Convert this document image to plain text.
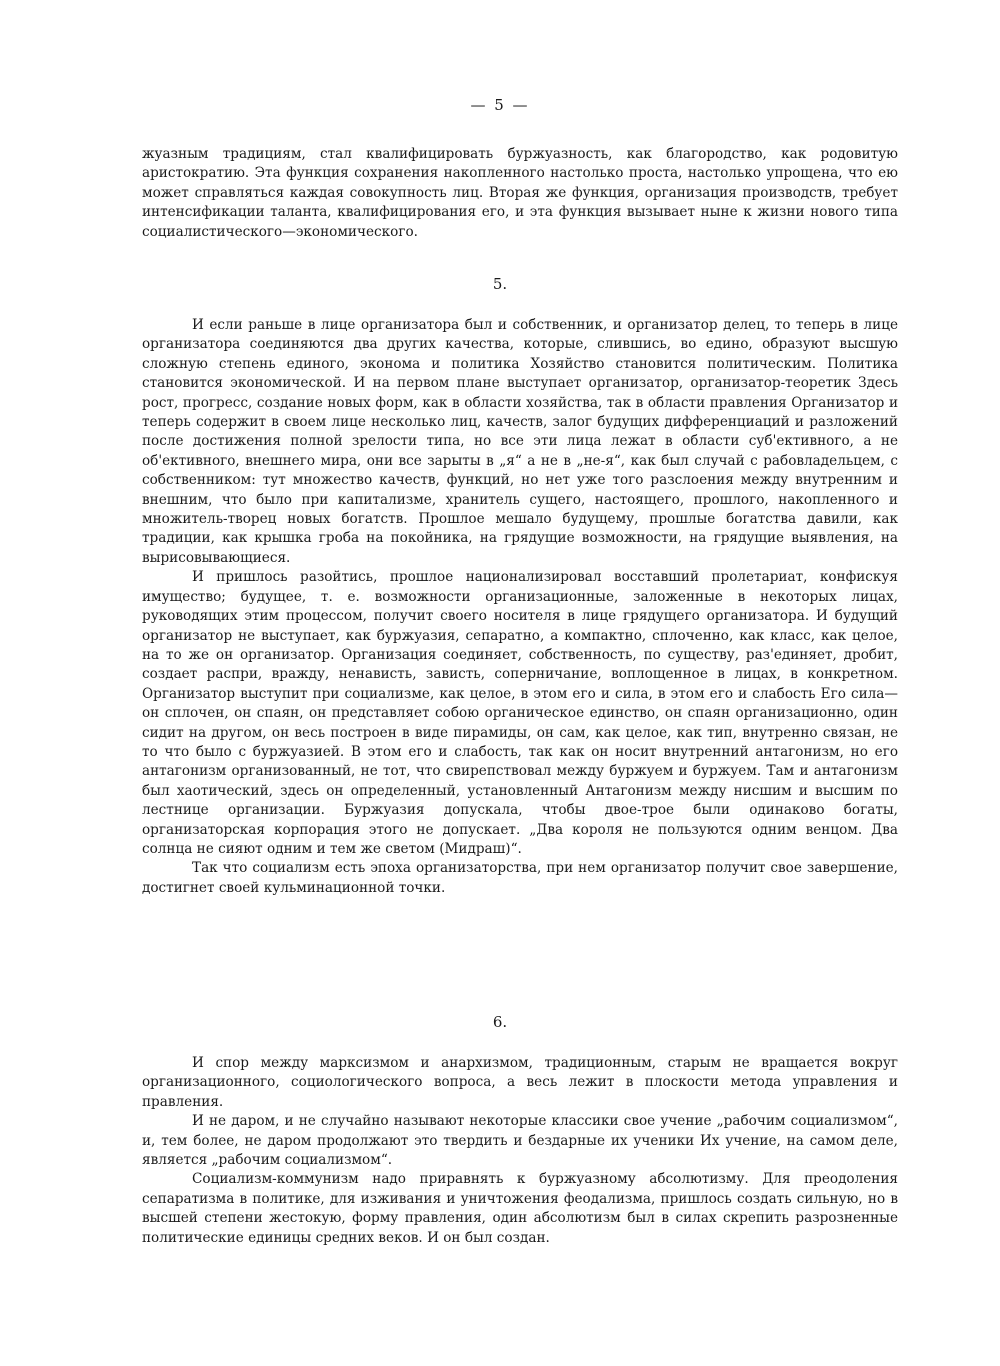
— 5 —

жуазным традициям, стал квалифицировать буржуазность, как благородство, как родовитую аристократию. Эта функция сохранения накопленного настолько проста, настолько упрощена, что ею может справляться каждая совокупность лиц. Вторая же функция, организация производств, требует интенсификации таланта, квалифицирования его, и эта функция вызывает ныне к жизни нового типа социалистического—экономического.

5.

И если раньше в лице организатора был и собственник, и организатор делец, то теперь в лице организатора соединяются два других качества, которые, слившись, во едино, образуют высшую сложную степень единого, эконома и политика Хозяйство становится политическим. Политика становится экономической. И на первом плане выступает организатор, организатор-теоретик Здесь рост, прогресс, создание новых форм, как в области хозяйства, так в области правления Организатор и теперь содержит в своем лице несколько лиц, качеств, залог будущих дифференциаций и разложений после достижения полной зрелости типа, но все эти лица лежат в области суб'ективного, а не об'ективного, внешнего мира, они все зарыты в „я“ а не в „не-я“, как был случай с рабовладельцем, с собственником: тут множество качеств, функций, но нет уже того разслоения между внутренним и внешним, что было при капитализме, хранитель сущего, настоящего, прошлого, накопленного и множитель-творец новых богатств. Прошлое мешало будущему, прошлые богатства давили, как традиции, как крышка гроба на покойника, на грядущие возможности, на грядущие выявления, на вырисовывающиеся.

И пришлось разойтись, прошлое национализировал восставший пролетариат, конфискуя имущество; будущее, т. е. возможности организационные, заложенные в некоторых лицах, руководящих этим процессом, получит своего носителя в лице грядущего организатора. И будущий организатор не выступает, как буржуазия, сепаратно, а компактно, сплоченно, как класс, как целое, на то же он организатор. Организация соединяет, собственность, по существу, раз'единяет, дробит, создает распри, вражду, ненависть, зависть, соперничание, воплощенное в лицах, в конкретном. Организатор выступит при социализме, как целое, в этом его и сила, в этом его и слабость Его сила—он сплочен, он спаян, он представляет собою органическое единство, он спаян организационно, один сидит на другом, он весь построен в виде пирамиды, он сам, как целое, как тип, внутренно связан, не то что было с буржуазией. В этом его и слабость, так как он носит внутренний антагонизм, но его антагонизм организованный, не тот, что свирепствовал между буржуем и буржуем. Там и антагонизм был хаотический, здесь он определенный, установленный Антагонизм между нисшим и высшим по лестнице организации. Буржуазия допускала, чтобы двое-трое были одинаково богаты, организаторская корпорация этого не допускает. „Два короля не пользуются одним венцом. Два солнца не сияют одним и тем же светом (Мидраш)“.

Так что социализм есть эпоха организаторства, при нем организатор получит свое завершение, достигнет своей кульминационной точки.

6.

И спор между марксизмом и анархизмом, традиционным, старым не вращается вокруг организационного, социологического вопроса, а весь лежит в плоскости метода управления и правления.

И не даром, и не случайно называют некоторые классики свое учение „рабочим социализмом“, и, тем более, не даром продолжают это твердить и бездарные их ученики Их учение, на самом деле, является „рабочим социализмом“.

Социализм-коммунизм надо приравнять к буржуазному абсолютизму. Для преодоления сепаратизма в политике, для изживания и уничтожения феодализма, пришлось создать сильную, но в высшей степени жестокую, форму правления, один абсолютизм был в силах скрепить разрозненные политические единицы средних веков. И он был создан.
